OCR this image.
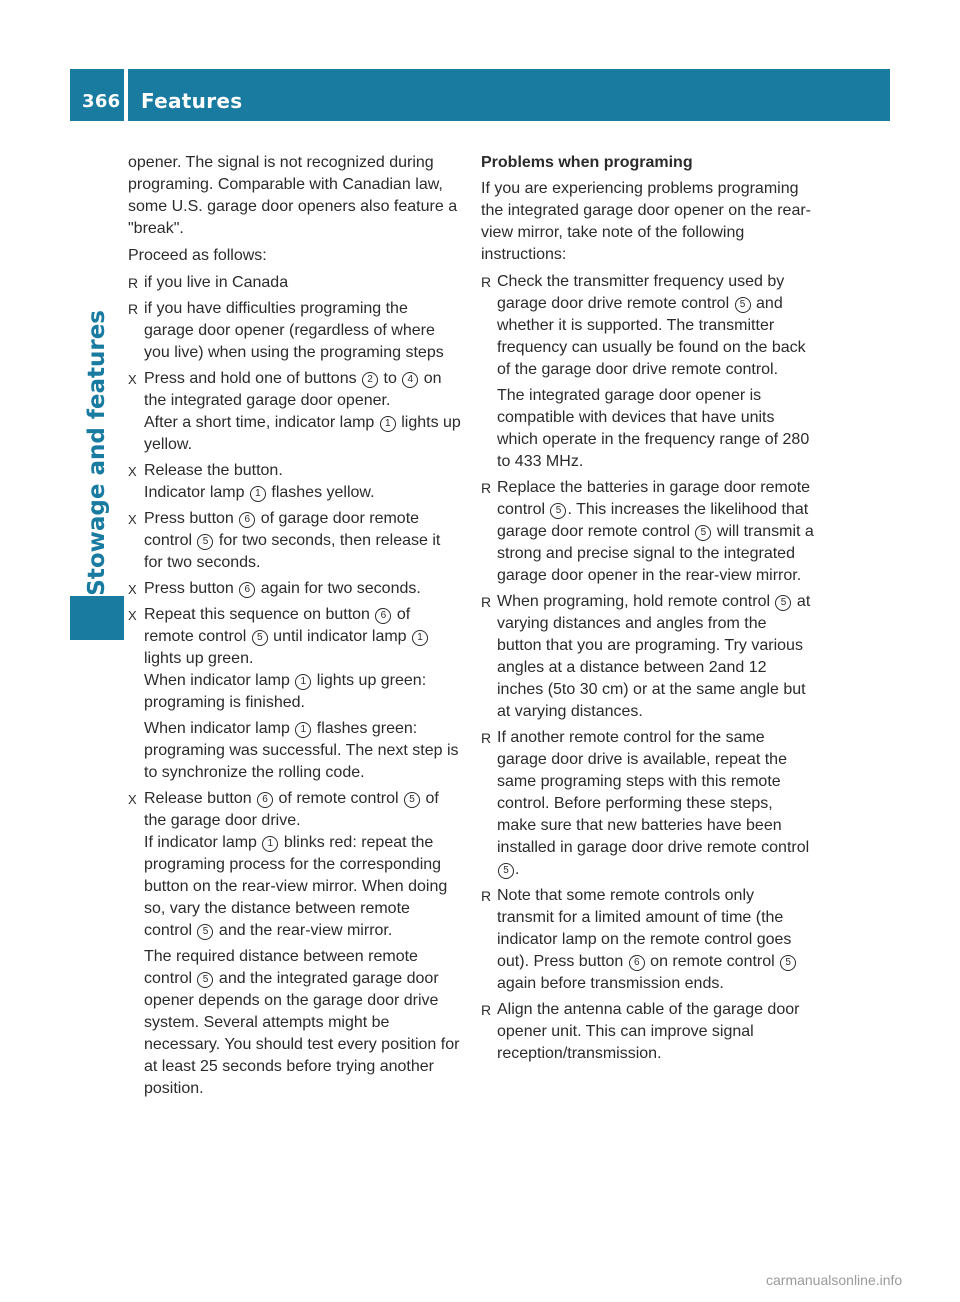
366 Features
Stowage and features

opener. The signal is not recognized during programing. Comparable with Canadian law, some U.S. garage door openers also feature a "break".

Proceed as follows:

R if you live in Canada
R if you have difficulties programing the garage door opener (regardless of where you live) when using the programing steps
X Press and hold one of buttons 2 to 4 on the integrated garage door opener.
After a short time, indicator lamp 1 lights up yellow.
X Release the button.
Indicator lamp 1 flashes yellow.
X Press button 6 of garage door remote control 5 for two seconds, then release it for two seconds.
X Press button 6 again for two seconds.
X Repeat this sequence on button 6 of remote control 5 until indicator lamp 1 lights up green.
When indicator lamp 1 lights up green: programing is finished.
When indicator lamp 1 flashes green: programing was successful. The next step is to synchronize the rolling code.
X Release button 6 of remote control 5 of the garage door drive.
If indicator lamp 1 blinks red: repeat the programing process for the corresponding button on the rear-view mirror. When doing so, vary the distance between remote control 5 and the rear-view mirror.
The required distance between remote control 5 and the integrated garage door opener depends on the garage door drive system. Several attempts might be necessary. You should test every position for at least 25 seconds before trying another position.

Problems when programing

If you are experiencing problems programing the integrated garage door opener on the rear-view mirror, take note of the following instructions:

R Check the transmitter frequency used by garage door drive remote control 5 and whether it is supported. The transmitter frequency can usually be found on the back of the garage door drive remote control.
The integrated garage door opener is compatible with devices that have units which operate in the frequency range of 280 to 433 MHz.
R Replace the batteries in garage door remote control 5 . This increases the likelihood that garage door remote control 5 will transmit a strong and precise signal to the integrated garage door opener in the rear-view mirror.
R When programing, hold remote control 5 at varying distances and angles from the button that you are programing. Try various angles at a distance between 2and 12 inches (5to 30 cm) or at the same angle but at varying distances.
R If another remote control for the same garage door drive is available, repeat the same programing steps with this remote control. Before performing these steps, make sure that new batteries have been installed in garage door drive remote control 5 .
R Note that some remote controls only transmit for a limited amount of time (the indicator lamp on the remote control goes out). Press button 6 on remote control 5 again before transmission ends.
R Align the antenna cable of the garage door opener unit. This can improve signal reception/transmission.
carmanualsonline.info
